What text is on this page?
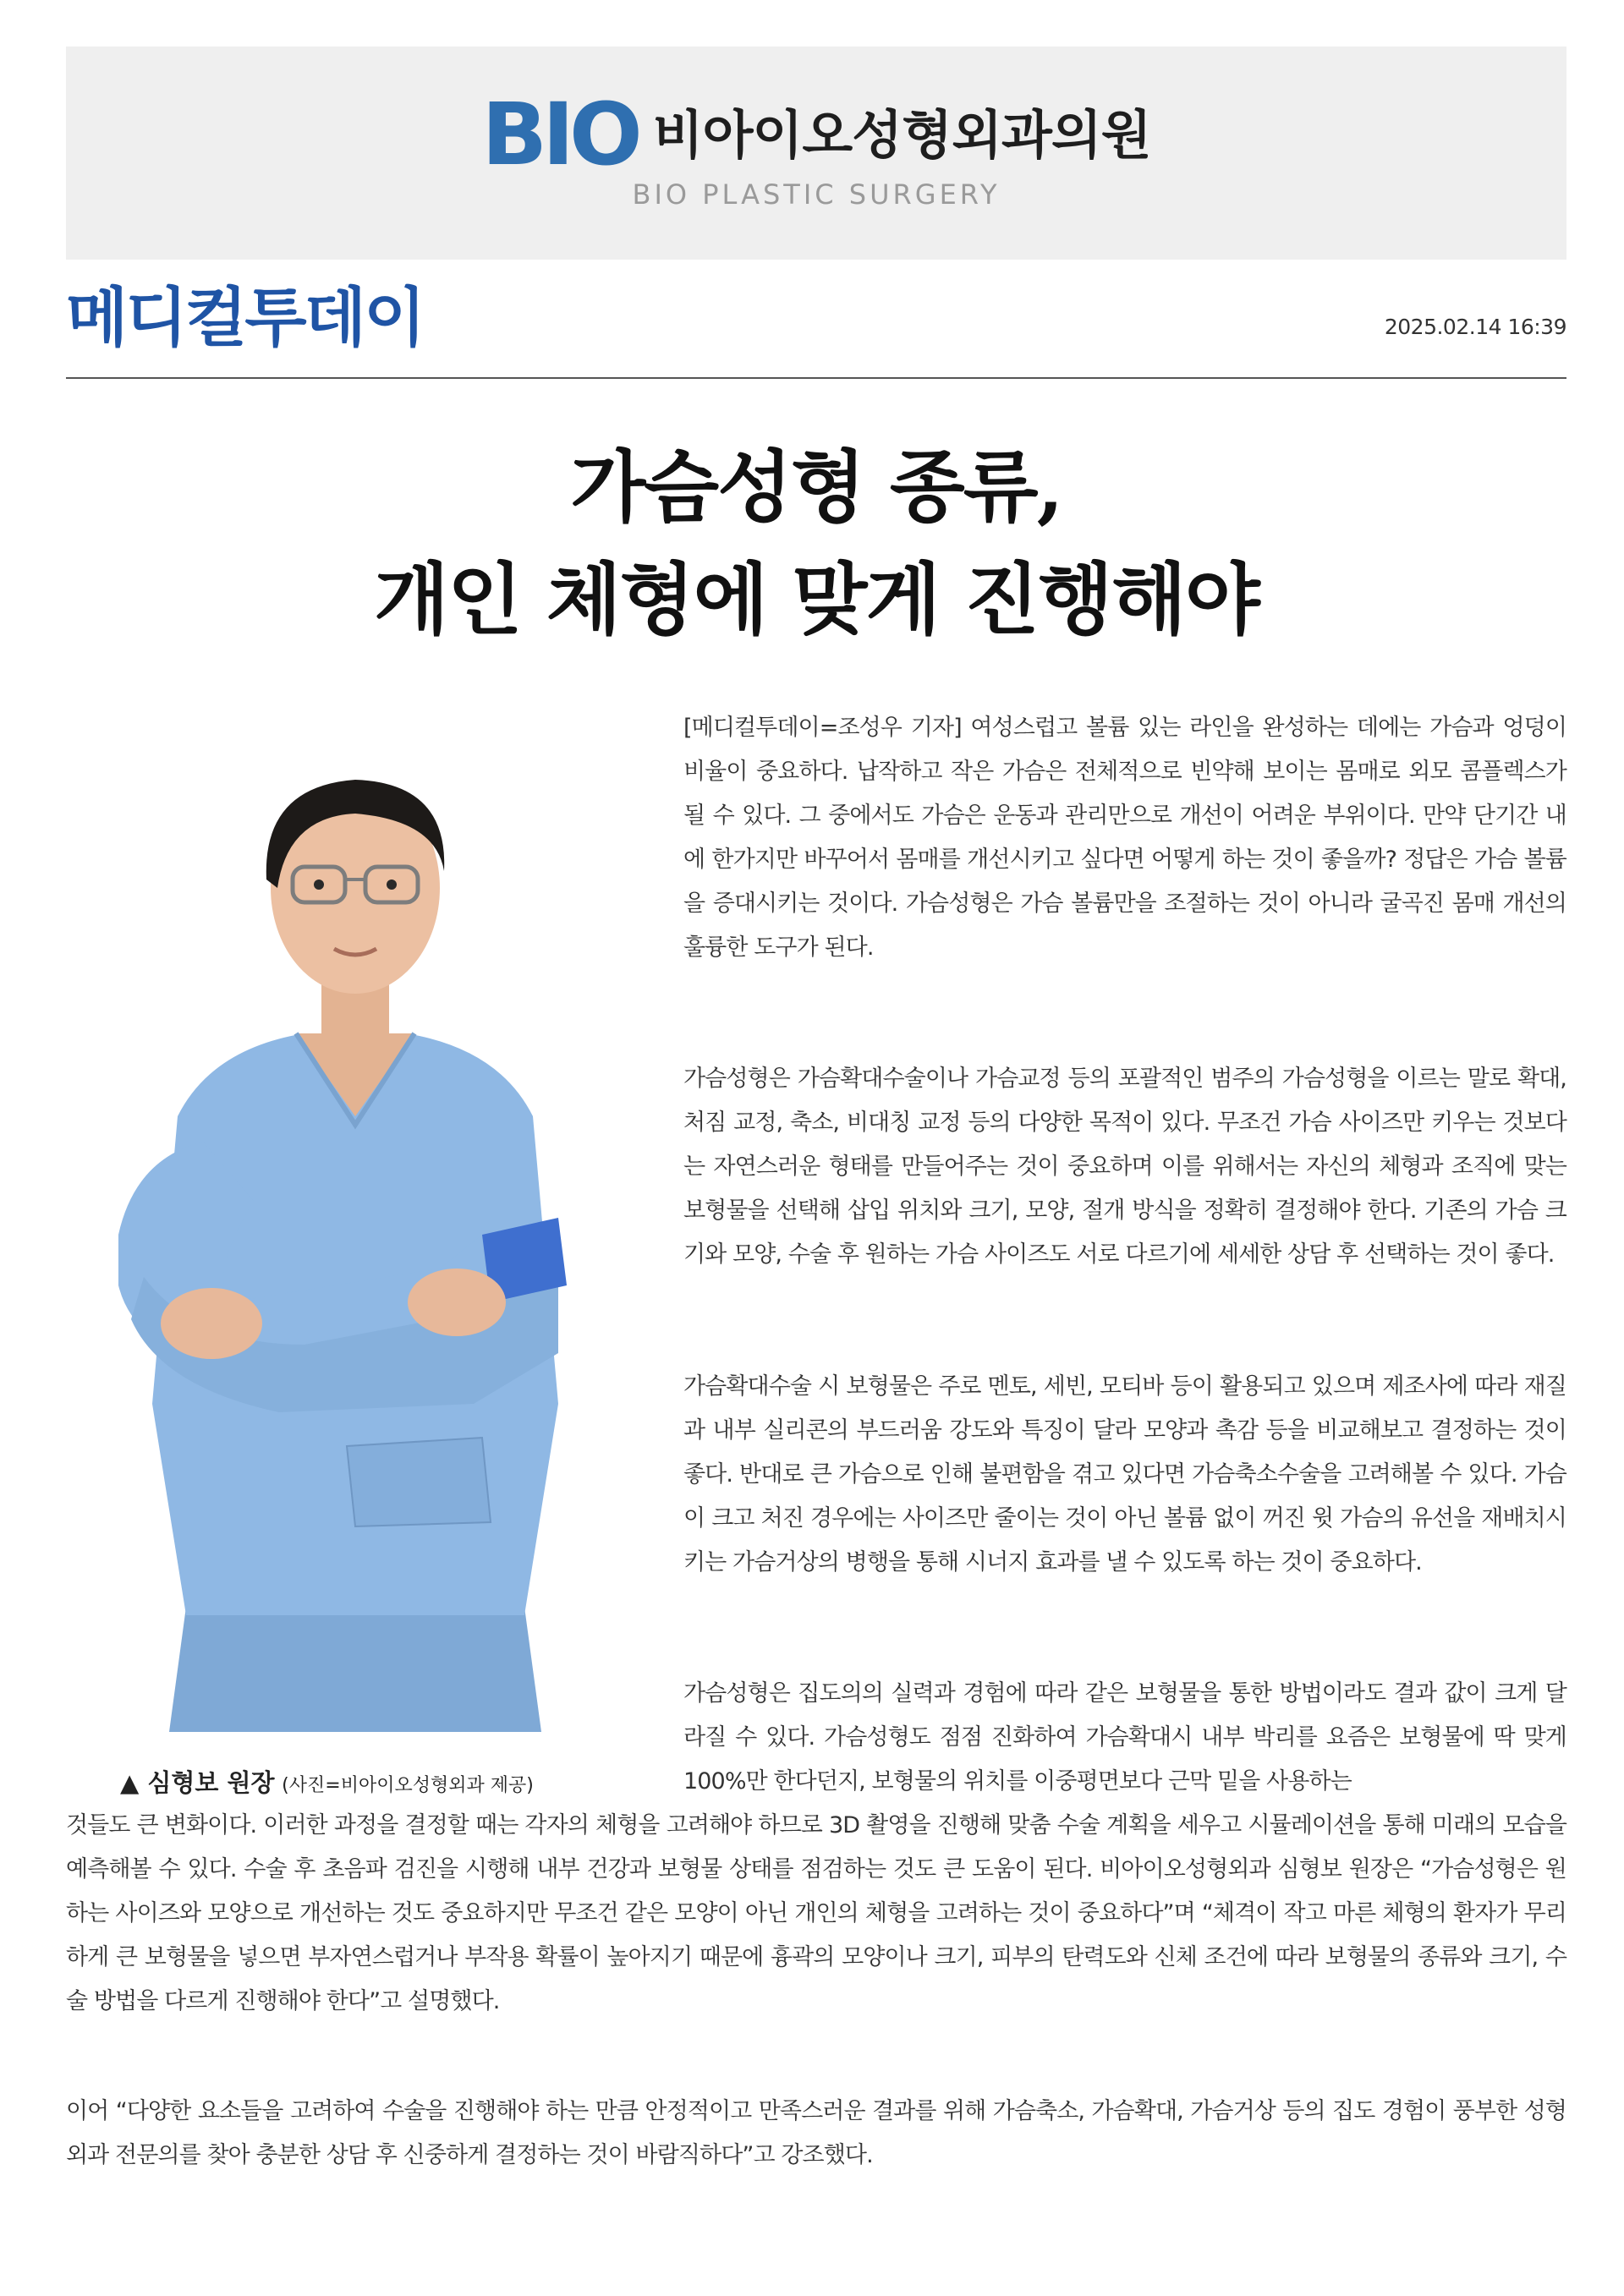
BIO 비아이오성형외과의원
BIO PLASTIC SURGERY
메디컬투데이	2025.02.14 16:39
가슴성형 종류,
개인 체형에 맞게 진행해야
▲ 심형보 원장 (사진=비아이오성형외과 제공)

[메디컬투데이=조성우 기자] 여성스럽고 볼륨 있는 라인을 완성하는 데에는 가슴과 엉덩이 비율이 중요하다. 납작하고 작은 가슴은 전체적으로 빈약해 보이는 몸매로 외모 콤플렉스가 될 수 있다. 그 중에서도 가슴은 운동과 관리만으로 개선이 어려운 부위이다. 만약 단기간 내에 한가지만 바꾸어서 몸매를 개선시키고 싶다면 어떻게 하는 것이 좋을까? 정답은 가슴 볼륨을 증대시키는 것이다. 가슴성형은 가슴 볼륨만을 조절하는 것이 아니라 굴곡진 몸매 개선의 훌륭한 도구가 된다.

가슴성형은 가슴확대수술이나 가슴교정 등의 포괄적인 범주의 가슴성형을 이르는 말로 확대, 처짐 교정, 축소, 비대칭 교정 등의 다양한 목적이 있다. 무조건 가슴 사이즈만 키우는 것보다는 자연스러운 형태를 만들어주는 것이 중요하며 이를 위해서는 자신의 체형과 조직에 맞는 보형물을 선택해 삽입 위치와 크기, 모양, 절개 방식을 정확히 결정해야 한다. 기존의 가슴 크기와 모양, 수술 후 원하는 가슴 사이즈도 서로 다르기에 세세한 상담 후 선택하는 것이 좋다.

가슴확대수술 시 보형물은 주로 멘토, 세빈, 모티바 등이 활용되고 있으며 제조사에 따라 재질과 내부 실리콘의 부드러움 강도와 특징이 달라 모양과 촉감 등을 비교해보고 결정하는 것이 좋다. 반대로 큰 가슴으로 인해 불편함을 겪고 있다면 가슴축소수술을 고려해볼 수 있다. 가슴이 크고 처진 경우에는 사이즈만 줄이는 것이 아닌 볼륨 없이 꺼진 윗 가슴의 유선을 재배치시키는 가슴거상의 병행을 통해 시너지 효과를 낼 수 있도록 하는 것이 중요하다.

가슴성형은 집도의의 실력과 경험에 따라 같은 보형물을 통한 방법이라도 결과 값이 크게 달라질 수 있다. 가슴성형도 점점 진화하여 가슴확대시 내부 박리를 요즘은 보형물에 딱 맞게 100%만 한다던지, 보형물의 위치를 이중평면보다 근막 밑을 사용하는

것들도 큰 변화이다. 이러한 과정을 결정할 때는 각자의 체형을 고려해야 하므로 3D 촬영을 진행해 맞춤 수술 계획을 세우고 시뮬레이션을 통해 미래의 모습을 예측해볼 수 있다. 수술 후 초음파 검진을 시행해 내부 건강과 보형물 상태를 점검하는 것도 큰 도움이 된다. 비아이오성형외과 심형보 원장은 “가슴성형은 원하는 사이즈와 모양으로 개선하는 것도 중요하지만 무조건 같은 모양이 아닌 개인의 체형을 고려하는 것이 중요하다”며 “체격이 작고 마른 체형의 환자가 무리하게 큰 보형물을 넣으면 부자연스럽거나 부작용 확률이 높아지기 때문에 흉곽의 모양이나 크기, 피부의 탄력도와 신체 조건에 따라 보형물의 종류와 크기, 수술 방법을 다르게 진행해야 한다”고 설명했다.

이어 “다양한 요소들을 고려하여 수술을 진행해야 하는 만큼 안정적이고 만족스러운 결과를 위해 가슴축소, 가슴확대, 가슴거상 등의 집도 경험이 풍부한 성형외과 전문의를 찾아 충분한 상담 후 신중하게 결정하는 것이 바람직하다”고 강조했다.
